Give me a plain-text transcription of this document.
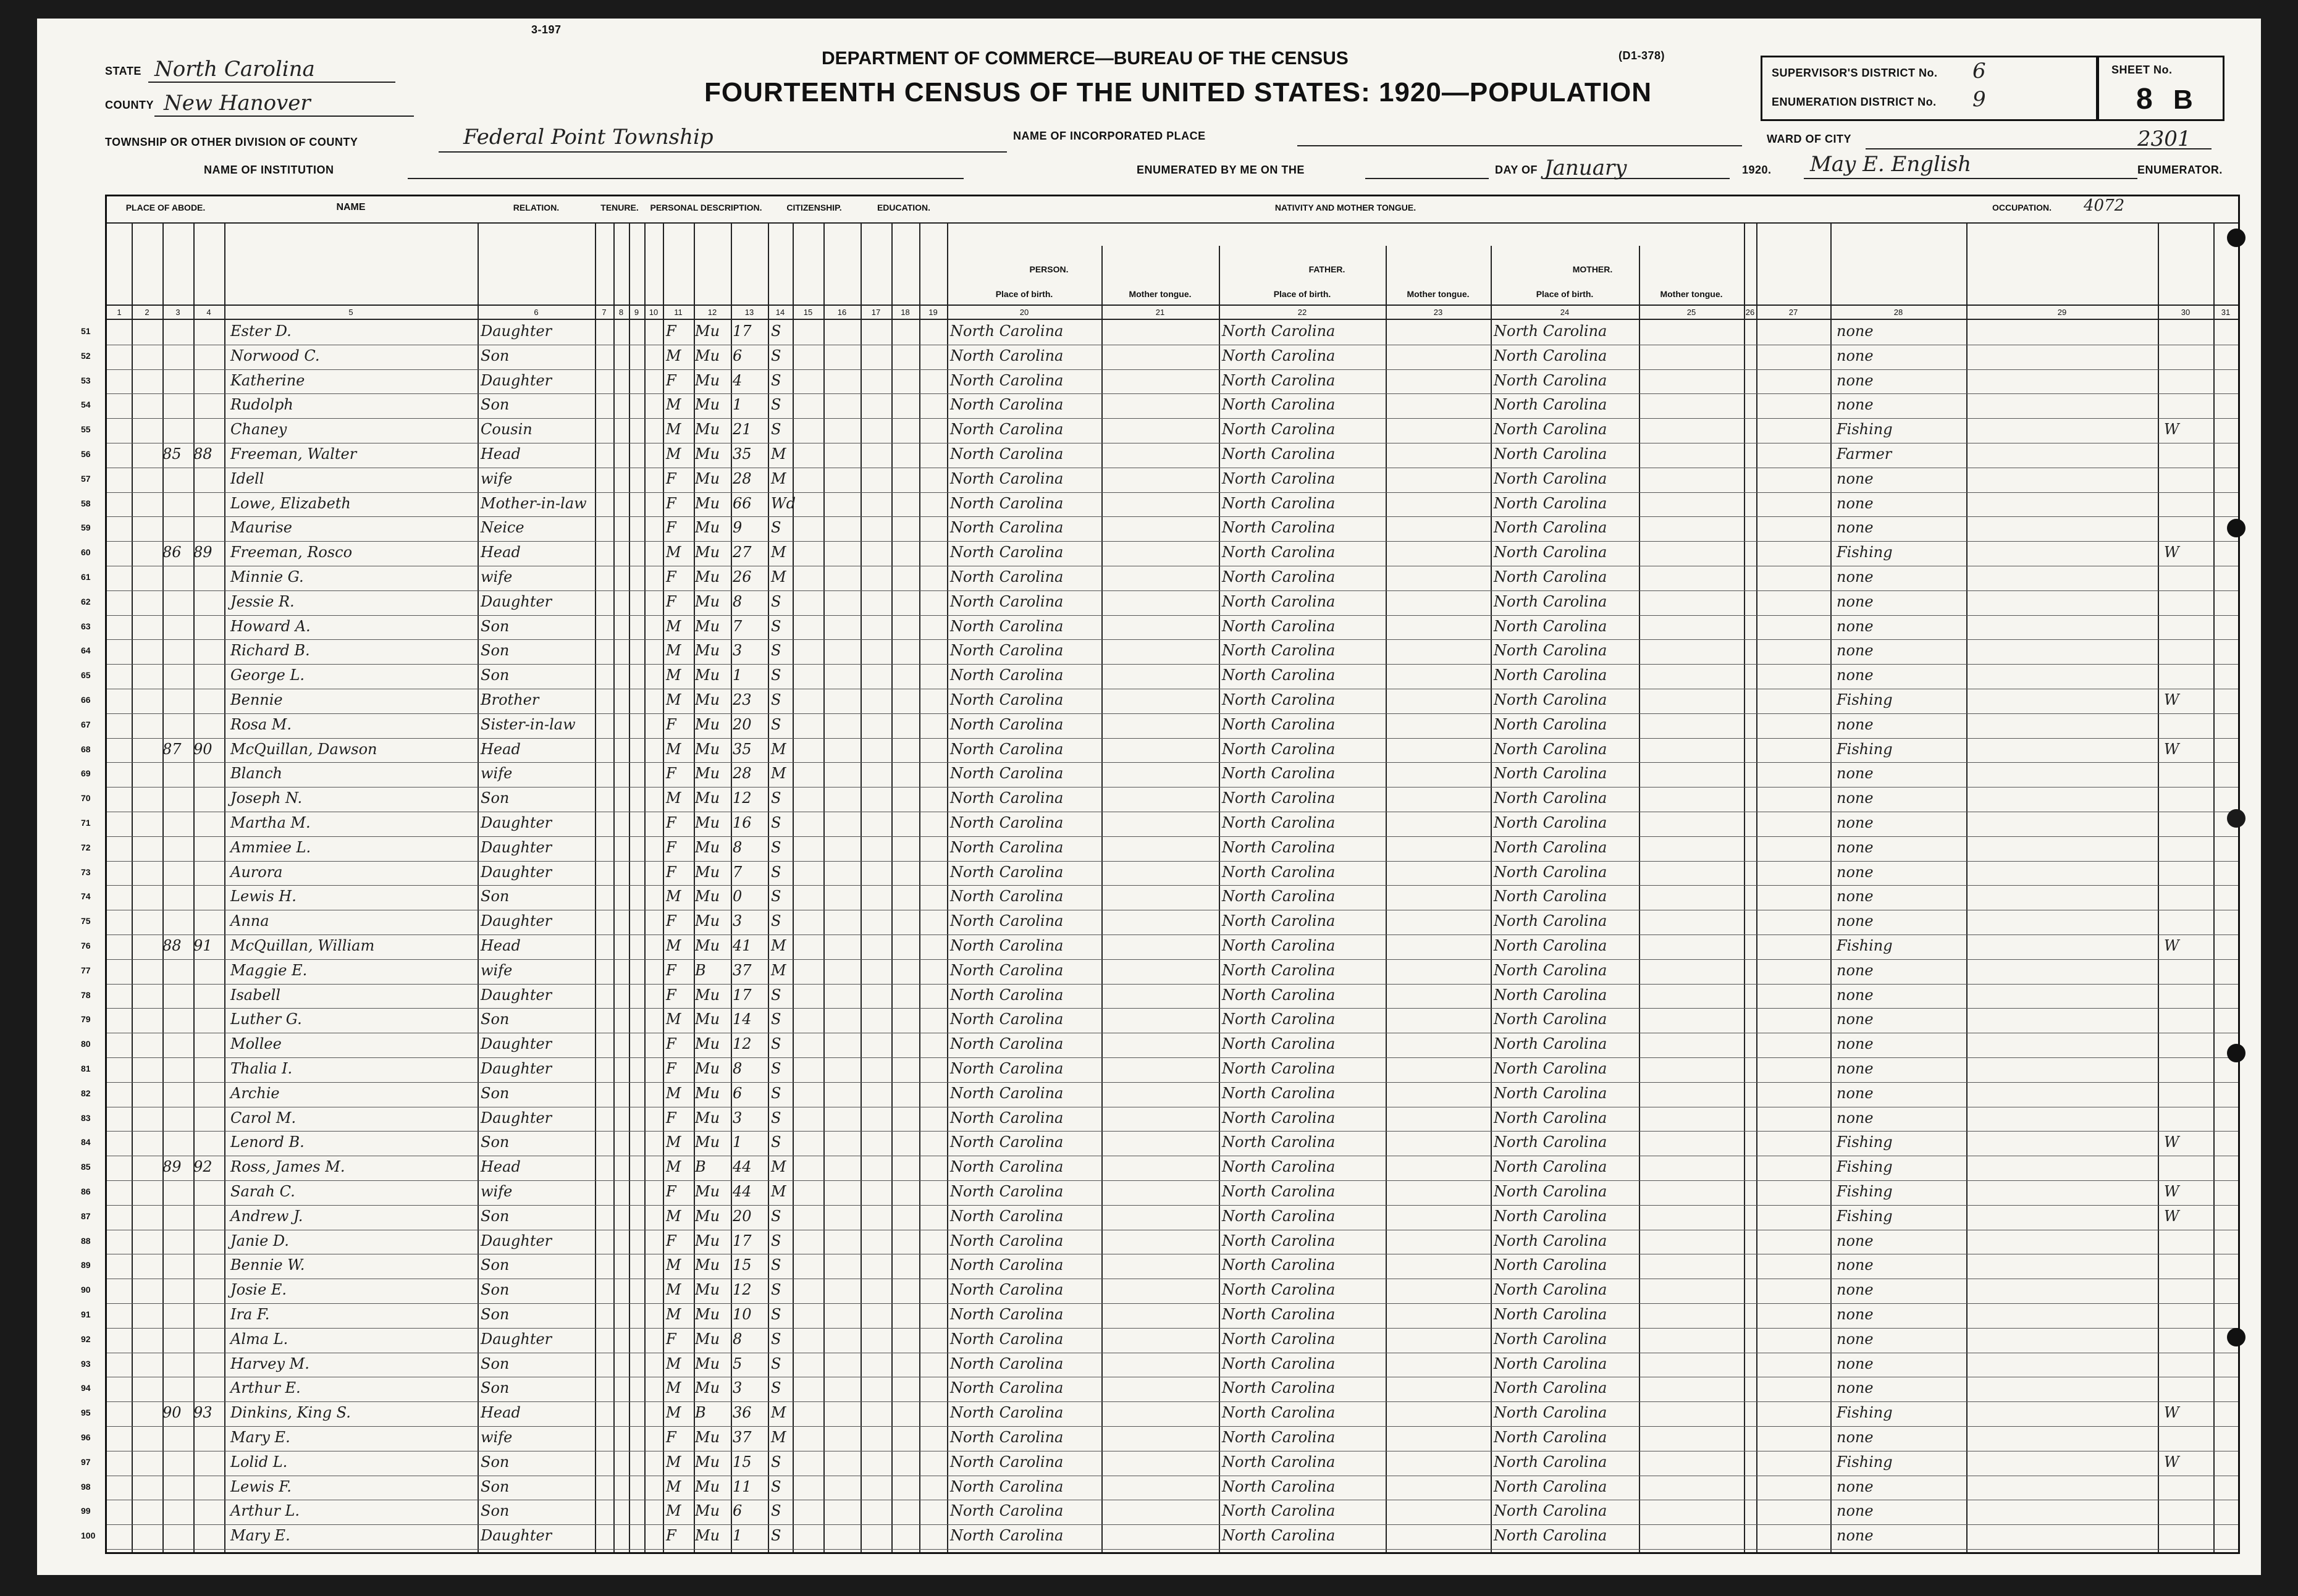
3-197
DEPARTMENT OF COMMERCE—BUREAU OF THE CENSUS	(D1-378)
FOURTEENTH CENSUS OF THE UNITED STATES: 1920—POPULATION
STATE North Carolina
COUNTY New Hanover
TOWNSHIP OR OTHER DIVISION OF COUNTY	Federal Point Township	NAME OF INCORPORATED PLACE
NAME OF INSTITUTION	ENUMERATED BY ME ON THE	DAY OF January	1920. May E. English	ENUMERATOR.
SUPERVISOR'S DISTRICT No. 6
ENUMERATION DISTRICT No. 9
SHEET No.
8 B
WARD OF CITY	2301
PLACE OF ABODE.	NAME	RELATION.	TENURE.	PERSONAL DESCRIPTION.	CITIZENSHIP.	EDUCATION.	NATIVITY AND MOTHER TONGUE.	OCCUPATION.	4072
PERSON.	FATHER.	MOTHER.
Place of birth.	Mother tongue.	Place of birth.	Mother tongue.	Place of birth.	Mother tongue.
1	2	3	4	5	6	7	8	9	10	11	12	13	14	15	16	17	18	19	20	21	22	23	24	25	26	27	28	29	30	31
51	Ester D.	Daughter	F	Mu 17	S	North Carolina	North Carolina	North Carolina	none
52	Norwood C.	Son	M Mu 6	S	North Carolina	North Carolina	North Carolina	none
53	Katherine	Daughter	F	Mu 4	S	North Carolina	North Carolina	North Carolina	none
54	Rudolph	Son	M Mu 1	S	North Carolina	North Carolina	North Carolina	none
55	Chaney	Cousin	M Mu 21	S	North Carolina	North Carolina	North Carolina	Fishing	W
56	85 88	Freeman, Walter	Head	M Mu 35	M	North Carolina	North Carolina	North Carolina	Farmer
57	Idell	wife	F	Mu 28	M	North Carolina	North Carolina	North Carolina	none
58	Lowe, Elizabeth	Mother-in-law	F	Mu 66	Wd	North Carolina	North Carolina	North Carolina	none
59	Maurise	Neice	F	Mu 9	S	North Carolina	North Carolina	North Carolina	none
60	86 89	Freeman, Rosco	Head	M Mu 27	M	North Carolina	North Carolina	North Carolina	Fishing	W
61	Minnie G.	wife	F	Mu 26	M	North Carolina	North Carolina	North Carolina	none
62	Jessie R.	Daughter	F	Mu 8	S	North Carolina	North Carolina	North Carolina	none
63	Howard A.	Son	M Mu 7	S	North Carolina	North Carolina	North Carolina	none
64	Richard B.	Son	M Mu 3	S	North Carolina	North Carolina	North Carolina	none
65	George L.	Son	M Mu 1	S	North Carolina	North Carolina	North Carolina	none
66	Bennie	Brother	M Mu 23	S	North Carolina	North Carolina	North Carolina	Fishing	W
67	Rosa M.	Sister-in-law	F	Mu 20	S	North Carolina	North Carolina	North Carolina	none
68	87 90	McQuillan, Dawson	Head	M Mu 35	M	North Carolina	North Carolina	North Carolina	Fishing	W
69	Blanch	wife	F	Mu 28	M	North Carolina	North Carolina	North Carolina	none
70	Joseph N.	Son	M Mu 12	S	North Carolina	North Carolina	North Carolina	none
71	Martha M.	Daughter	F	Mu 16	S	North Carolina	North Carolina	North Carolina	none
72	Ammiee L.	Daughter	F	Mu 8	S	North Carolina	North Carolina	North Carolina	none
73	Aurora	Daughter	F	Mu 7	S	North Carolina	North Carolina	North Carolina	none
74	Lewis H.	Son	M Mu 0	S	North Carolina	North Carolina	North Carolina	none
75	Anna	Daughter	F	Mu 3	S	North Carolina	North Carolina	North Carolina	none
76	88 91	McQuillan, William	Head	M Mu 41	M	North Carolina	North Carolina	North Carolina	Fishing	W
77	Maggie E.	wife	F	B	37	M	North Carolina	North Carolina	North Carolina	none
78	Isabell	Daughter	F	Mu 17	S	North Carolina	North Carolina	North Carolina	none
79	Luther G.	Son	M Mu 14	S	North Carolina	North Carolina	North Carolina	none
80	Mollee	Daughter	F	Mu 12	S	North Carolina	North Carolina	North Carolina	none
81	Thalia I.	Daughter	F	Mu 8	S	North Carolina	North Carolina	North Carolina	none
82	Archie	Son	M Mu 6	S	North Carolina	North Carolina	North Carolina	none
83	Carol M.	Daughter	F	Mu 3	S	North Carolina	North Carolina	North Carolina	none
84	Lenord B.	Son	M Mu 1	S	North Carolina	North Carolina	North Carolina	Fishing	W
85	89 92	Ross, James M.	Head	M B	44	M	North Carolina	North Carolina	North Carolina	Fishing
86	Sarah C.	wife	F	Mu 44	M	North Carolina	North Carolina	North Carolina	Fishing	W
87	Andrew J.	Son	M Mu 20	S	North Carolina	North Carolina	North Carolina	Fishing	W
88	Janie D.	Daughter	F	Mu 17	S	North Carolina	North Carolina	North Carolina	none
89	Bennie W.	Son	M Mu 15	S	North Carolina	North Carolina	North Carolina	none
90	Josie E.	Son	M Mu 12	S	North Carolina	North Carolina	North Carolina	none
91	Ira F.	Son	M Mu 10	S	North Carolina	North Carolina	North Carolina	none
92	Alma L.	Daughter	F	Mu 8	S	North Carolina	North Carolina	North Carolina	none
93	Harvey M.	Son	M Mu 5	S	North Carolina	North Carolina	North Carolina	none
94	Arthur E.	Son	M Mu 3	S	North Carolina	North Carolina	North Carolina	none
95	90 93	Dinkins, King S.	Head	M B	36	M	North Carolina	North Carolina	North Carolina	Fishing	W
96	Mary E.	wife	F	Mu 37	M	North Carolina	North Carolina	North Carolina	none
97	Lolid L.	Son	M Mu 15	S	North Carolina	North Carolina	North Carolina	Fishing	W
98	Lewis F.	Son	M Mu 11	S	North Carolina	North Carolina	North Carolina	none
99	Arthur L.	Son	M Mu 6	S	North Carolina	North Carolina	North Carolina	none
100	Mary E.	Daughter	F	Mu 1	S	North Carolina	North Carolina	North Carolina	none
